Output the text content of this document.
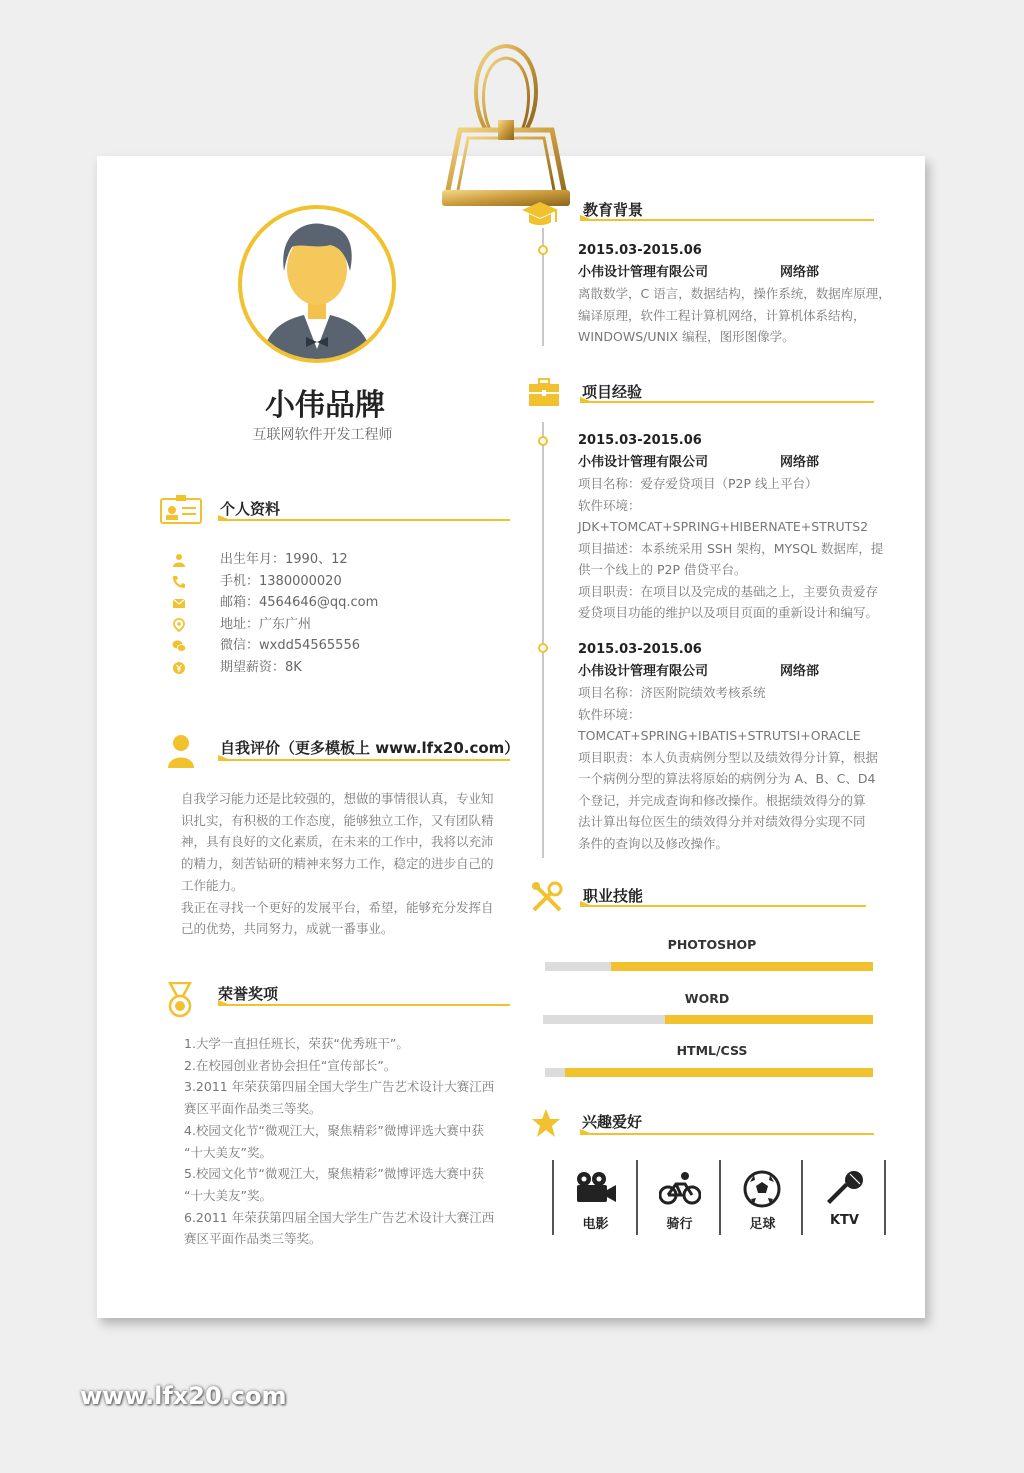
小伟品牌
互联网软件开发工程师
个人资料
出生年月：1990、12
手机：1380000020
邮箱：4564646@qq.com
地址：广东广州
微信：wxdd54565556
期望薪资：8K
自我评价（更多模板上 www.lfx20.com）

自我学习能力还是比较强的，想做的事情很认真，专业知

识扎实，有积极的工作态度，能够独立工作，又有团队精

神，具有良好的文化素质，在未来的工作中，我将以充沛

的精力，刻苦钻研的精神来努力工作，稳定的进步自己的

工作能力。

我正在寻找一个更好的发展平台，希望，能够充分发挥自

己的优势，共同努力，成就一番事业。

荣誉奖项

1.大学一直担任班长，荣获“优秀班干”。

2.在校园创业者协会担任“宣传部长”。

3.2011 年荣获第四届全国大学生广告艺术设计大赛江西

赛区平面作品类三等奖。

4.校园文化节“微观江大，聚焦精彩”微博评选大赛中获

“十大美友”奖。

5.校园文化节“微观江大，聚焦精彩”微博评选大赛中获

“十大美友”奖。

6.2011 年荣获第四届全国大学生广告艺术设计大赛江西

赛区平面作品类三等奖。

教育背景
2015.03-2015.06
小伟设计管理有限公司	网络部
离散数学，C 语言，数据结构，操作系统，数据库原理，
编译原理，软件工程计算机网络，计算机体系结构，
WINDOWS/UNIX 编程，图形图像学。
项目经验
2015.03-2015.06
小伟设计管理有限公司	网络部
项目名称：爱存爱贷项目（P2P 线上平台）
软件环境：
JDK+TOMCAT+SPRING+HIBERNATE+STRUTS2
项目描述：本系统采用 SSH 架构，MYSQL 数据库，提
供一个线上的 P2P 借贷平台。
项目职责：在项目以及完成的基础之上，主要负责爱存
爱贷项目功能的维护以及项目页面的重新设计和编写。
2015.03-2015.06
小伟设计管理有限公司	网络部
项目名称：济医附院绩效考核系统
软件环境：
TOMCAT+SPRING+IBATIS+STRUTSI+ORACLE
项目职责：本人负责病例分型以及绩效得分计算，根据
一个病例分型的算法将原始的病例分为 A、B、C、D4
个登记，并完成查询和修改操作。根据绩效得分的算
法计算出每位医生的绩效得分并对绩效得分实现不同
条件的查询以及修改操作。
职业技能
PHOTOSHOP
WORD
HTML/CSS
兴趣爱好
电影	骑行	足球	KTV
www.lfx20.com
